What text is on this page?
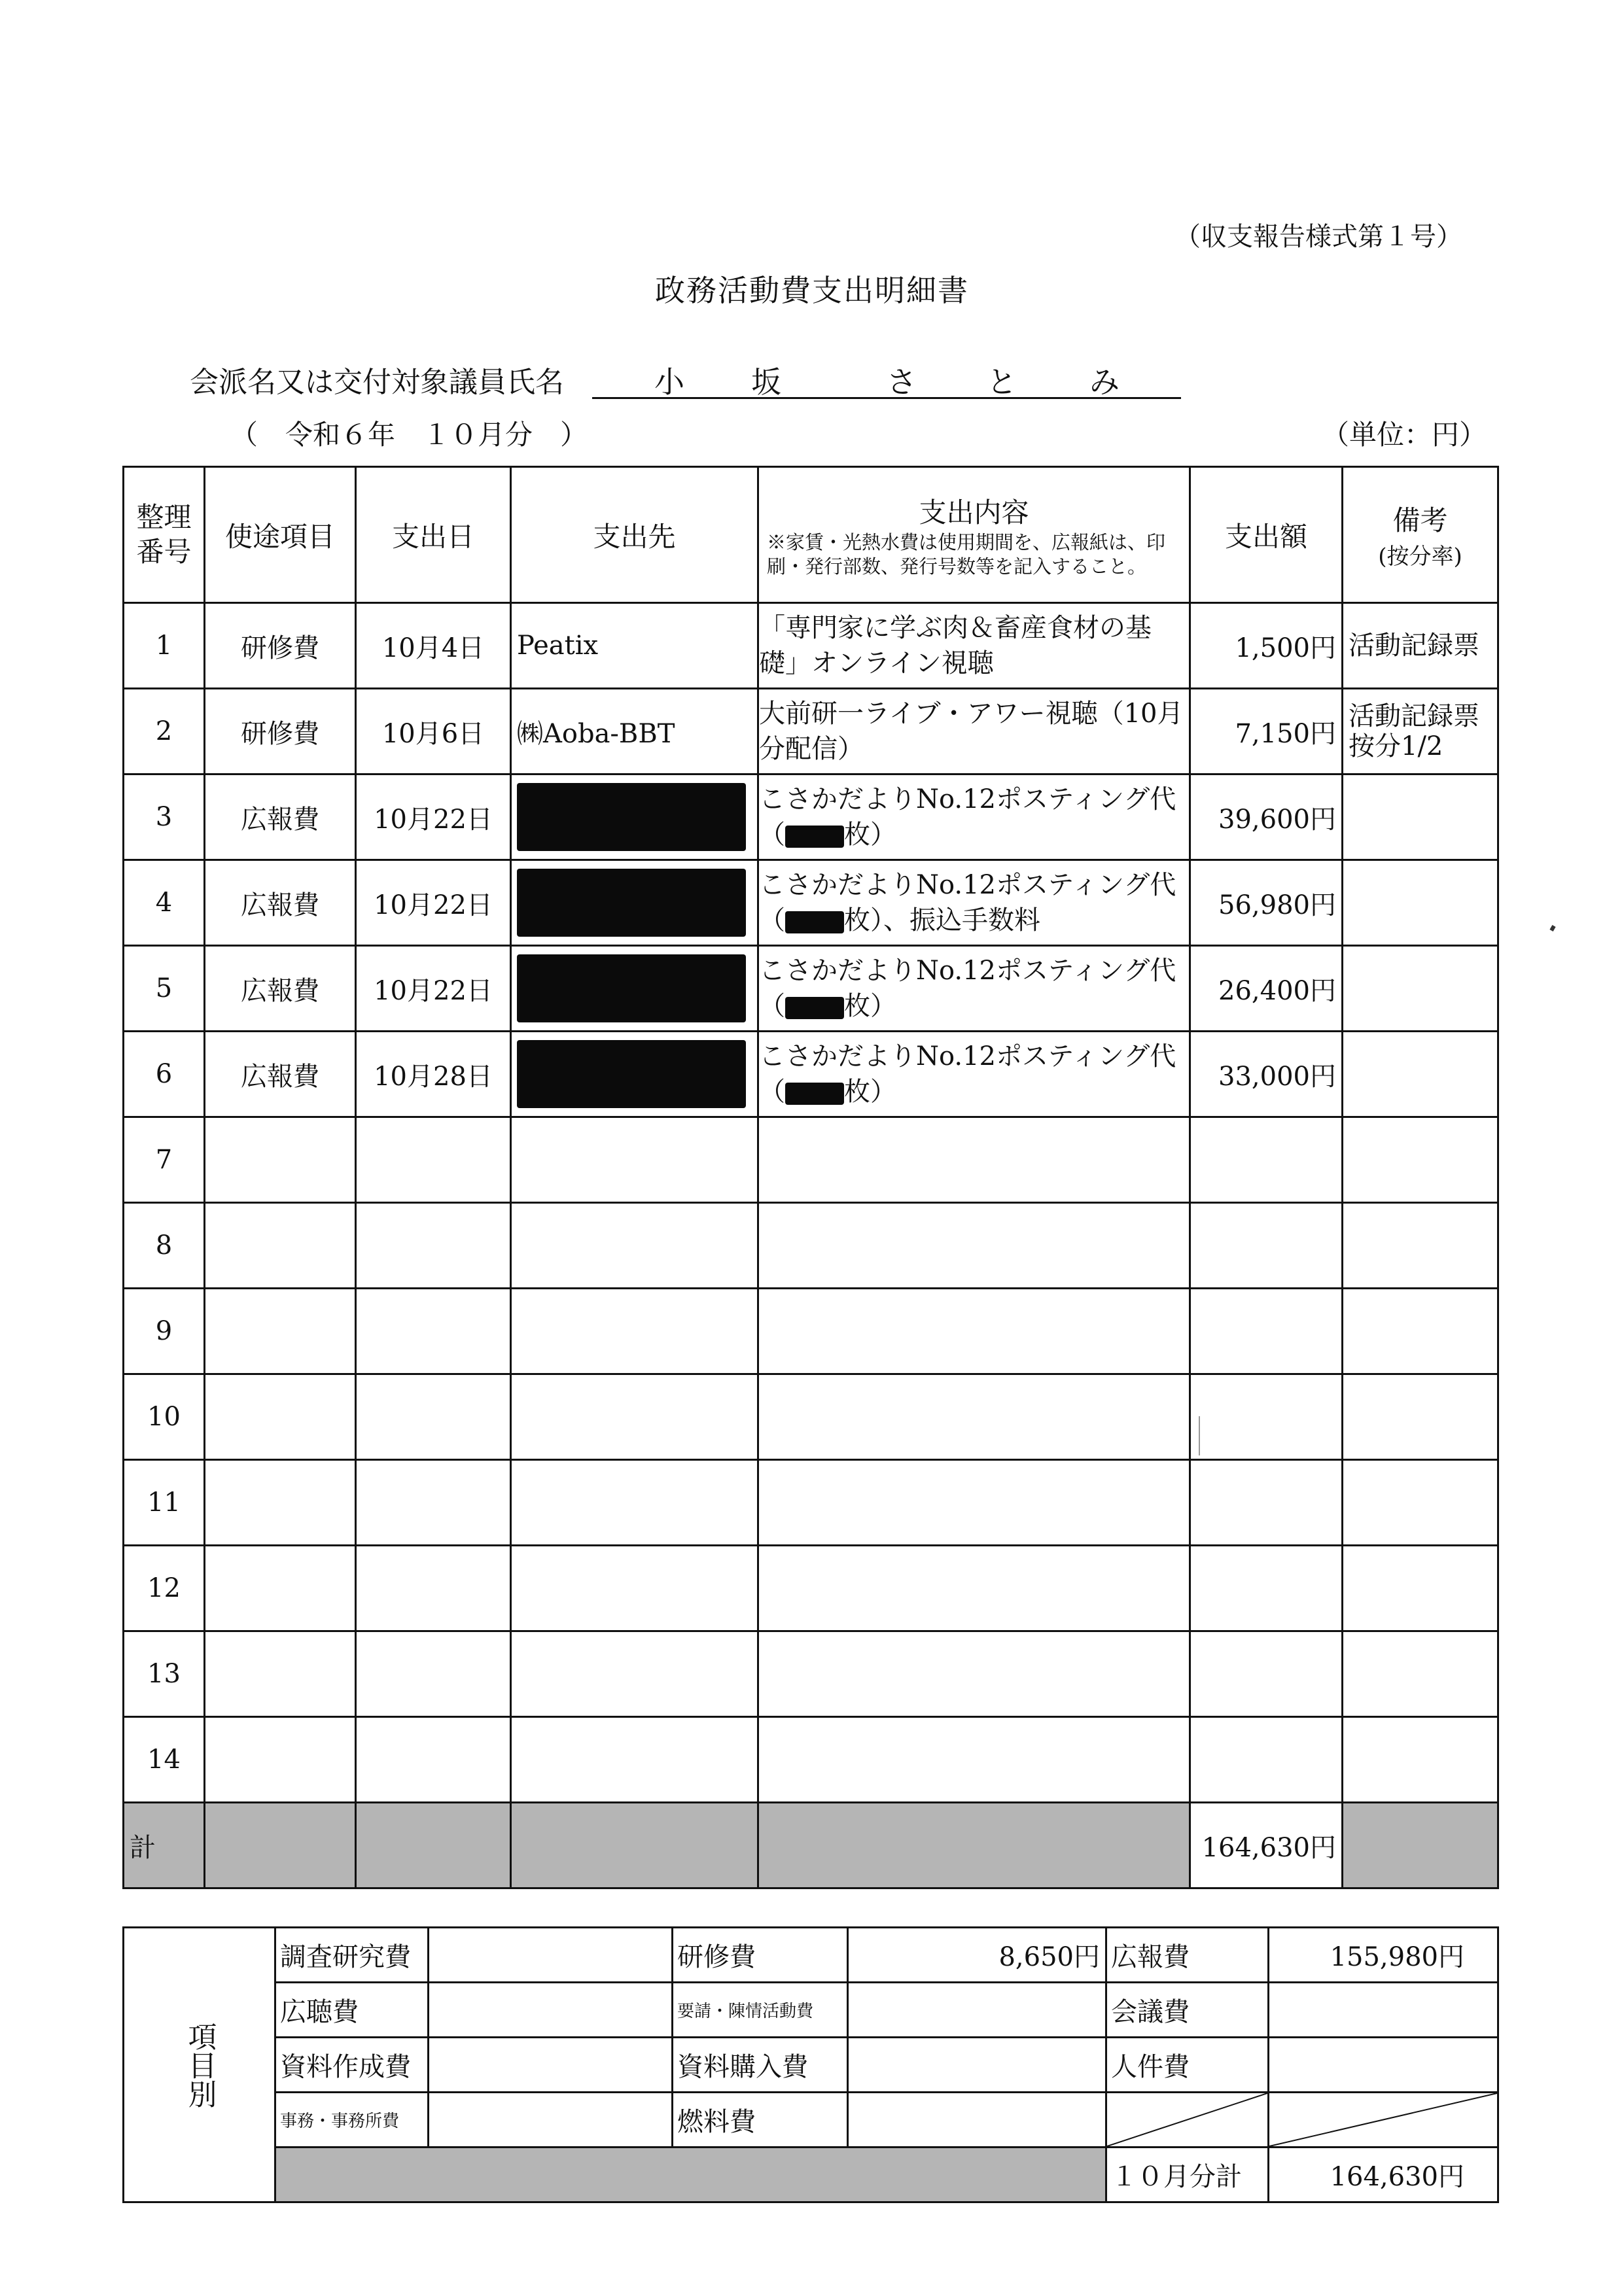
（収支報告様式第１号）
政務活動費支出明細書
会派名又は交付対象議員氏名	小 坂	さ と み
（　令和６年　１０月分　）	（単位：円）
整理番号	使途項目	支出日	支出先	支出内容
※家賃・光熱水費は使用期間を、広報紙は、印刷・発行部数、発行号数等を記入すること。	支出額	備考
(按分率)

1	研修費	10月4日	Peatix	「専門家に学ぶ肉＆畜産食材の基礎」オンライン視聴	1,500円	活動記録票
2	研修費	10月6日	㈱Aoba-BBT	大前研一ライブ・アワー視聴（10月分配信）	7,150円	活動記録票
按分1/2
3	広報費	10月22日		こさかだよりNo.12ポスティング代
（ 枚）	39,600円	
4	広報費	10月22日		こさかだよりNo.12ポスティング代
（ 枚）、振込手数料	56,980円	
5	広報費	10月22日		こさかだよりNo.12ポスティング代
（ 枚）	26,400円	
6	広報費	10月28日		こさかだよりNo.12ポスティング代
（ 枚）	33,000円	
7						
8						
9						
10						
11						
12						
13						
14						
計					164,630円	
項目別	調査研究費		研修費	8,650円	広報費	155,980円
	広聴費		要請・陳情活動費		会議費	
	資料作成費		資料購入費		人件費	
	事務・事務所費		燃料費		

					１０月分計	164,630円
